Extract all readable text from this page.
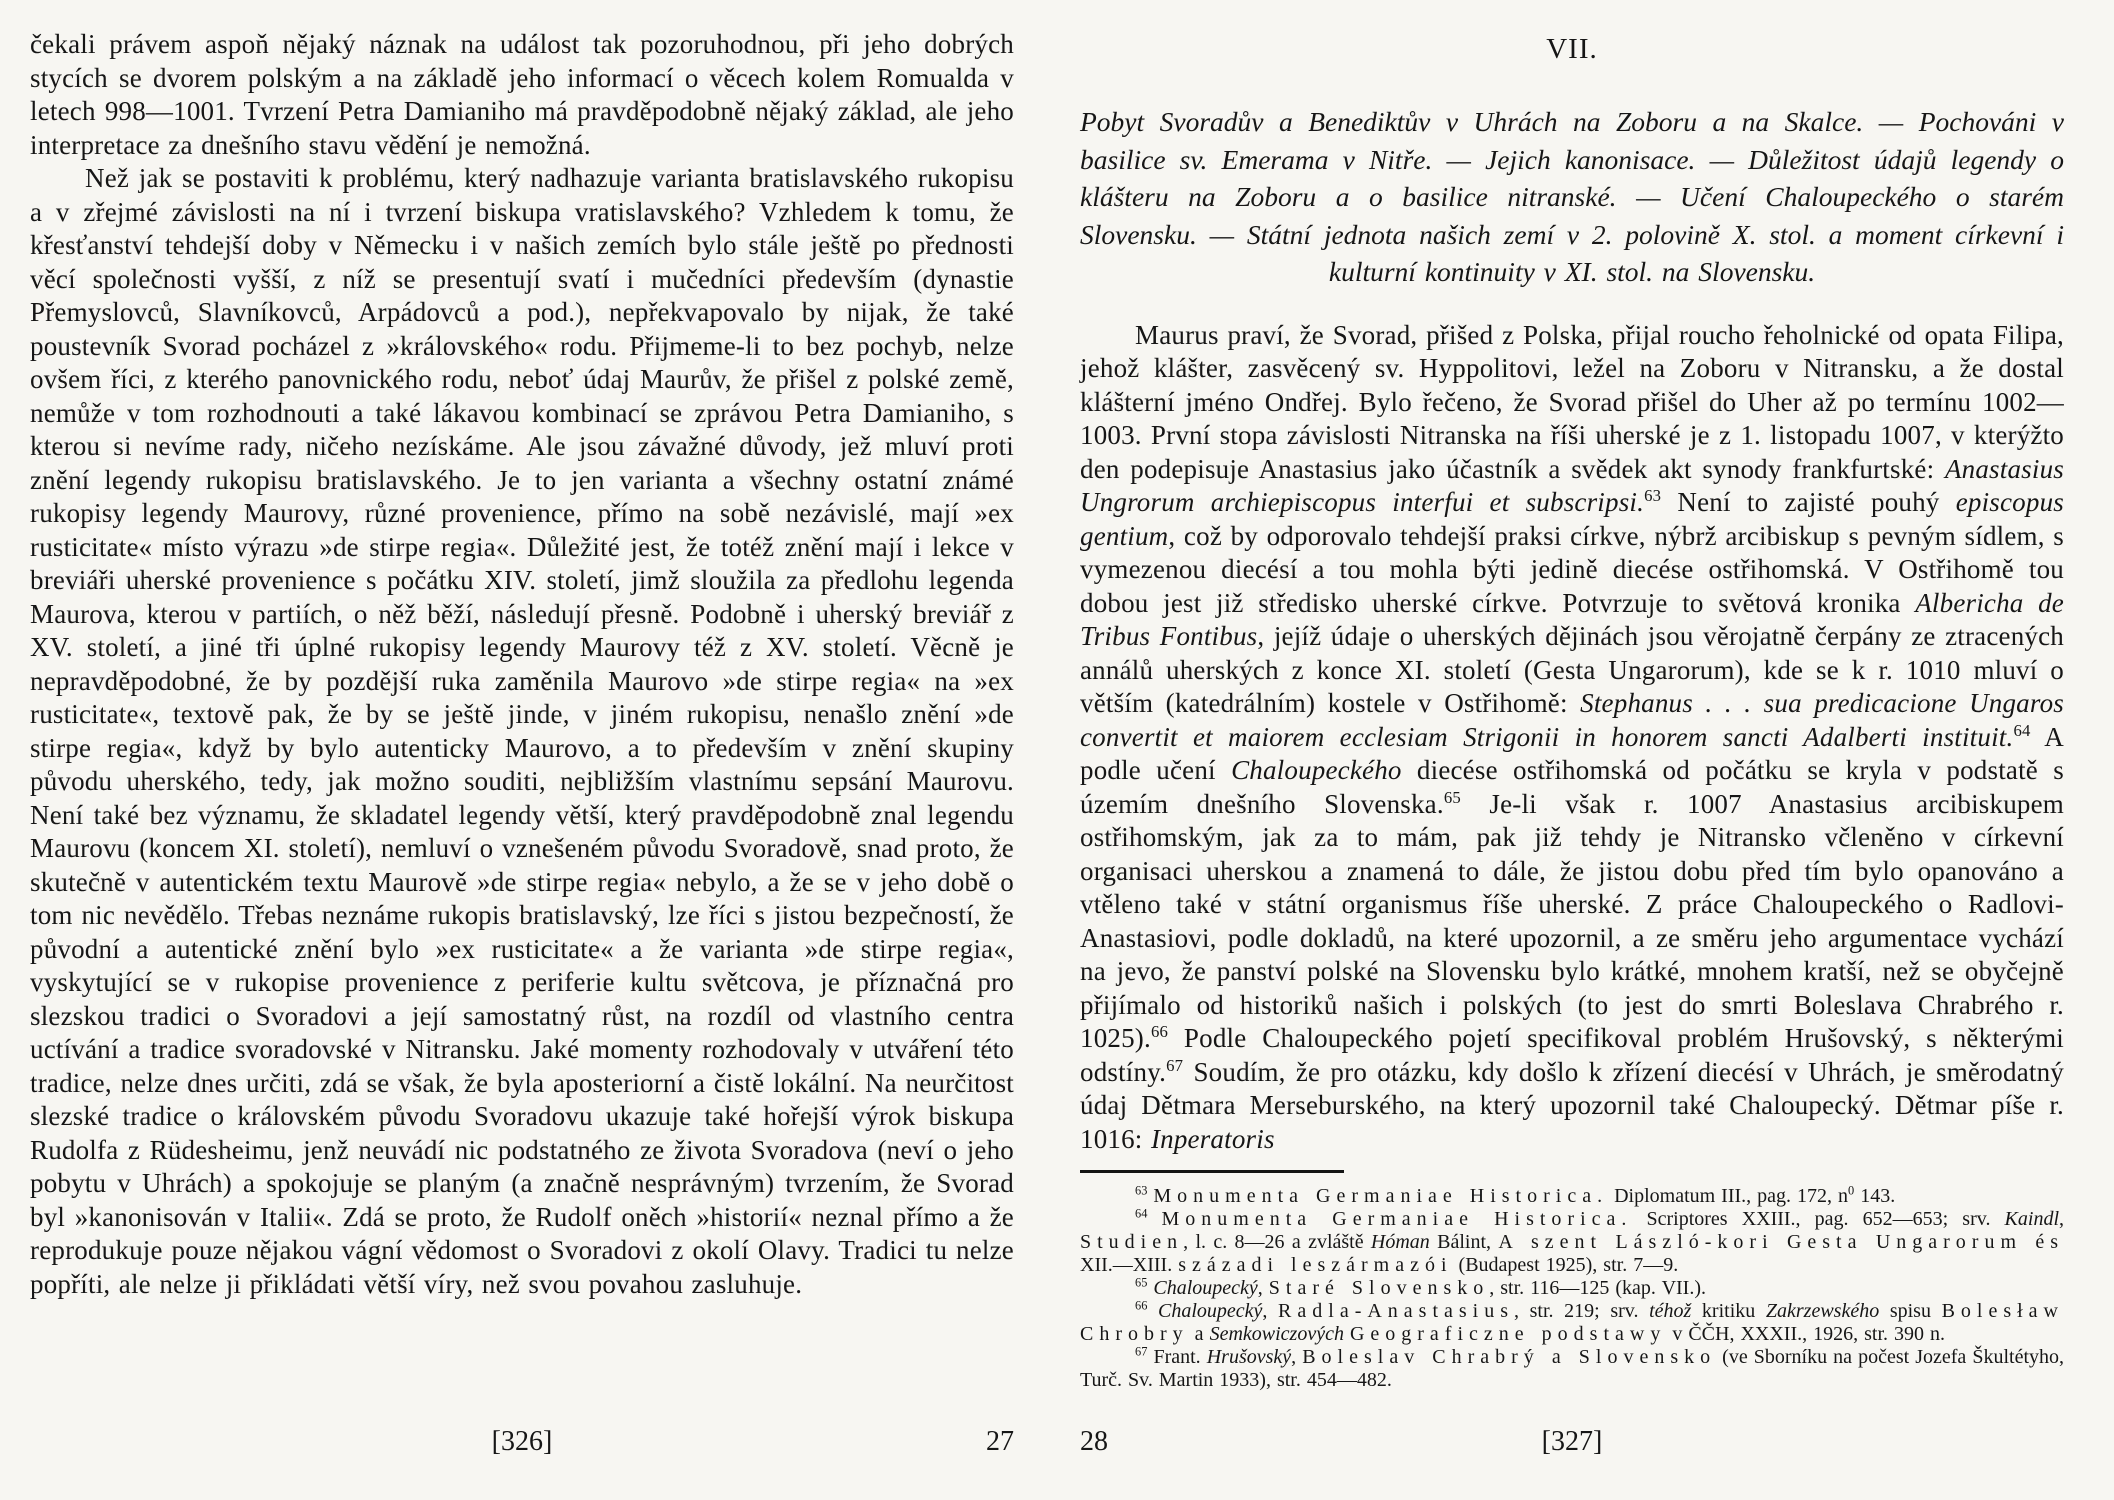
čekali právem aspoň nějaký náznak na událost tak pozoruhodnou, při jeho dobrých stycích se dvorem polským a na základě jeho informací o věcech kolem Romualda v letech 998—1001. Tvrzení Petra Damianiho má pravděpodobně nějaký základ, ale jeho interpretace za dnešního stavu vědění je nemožná.

Než jak se postaviti k problému, který nadhazuje varianta bratislavského rukopisu a v zřejmé závislosti na ní i tvrzení biskupa vratislavského? Vzhledem k tomu, že křesťanství tehdejší doby v Německu i v našich zemích bylo stále ještě po přednosti věcí společnosti vyšší, z níž se presentují svatí i mučedníci především (dynastie Přemyslovců, Slavníkovců, Arpádovců a pod.), nepřekvapovalo by nijak, že také poustevník Svorad pocházel z »královského« rodu. Přijmeme-li to bez pochyb, nelze ovšem říci, z kterého panovnického rodu, neboť údaj Maurův, že přišel z polské země, nemůže v tom rozhodnouti a také lákavou kombinací se zprávou Petra Damianiho, s kterou si nevíme rady, ničeho nezískáme. Ale jsou závažné důvody, jež mluví proti znění legendy rukopisu bratislavského. Je to jen varianta a všechny ostatní známé rukopisy legendy Maurovy, různé provenience, přímo na sobě nezávislé, mají »ex rusticitate« místo výrazu »de stirpe regia«. Důležité jest, že totéž znění mají i lekce v breviáři uherské provenience s počátku XIV. století, jimž sloužila za předlohu legenda Maurova, kterou v partiích, o něž běží, následují přesně. Podobně i uherský breviář z XV. století, a jiné tři úplné rukopisy legendy Maurovy též z XV. století. Věcně je nepravděpodobné, že by pozdější ruka zaměnila Maurovo »de stirpe regia« na »ex rusticitate«, textově pak, že by se ještě jinde, v jiném rukopisu, nenašlo znění »de stirpe regia«, když by bylo autenticky Maurovo, a to především v znění skupiny původu uherského, tedy, jak možno souditi, nejbližším vlastnímu sepsání Maurovu. Není také bez významu, že skladatel legendy větší, který pravděpodobně znal legendu Maurovu (koncem XI. století), nemluví o vznešeném původu Svoradově, snad proto, že skutečně v autentickém textu Maurově »de stirpe regia« nebylo, a že se v jeho době o tom nic nevědělo. Třebas neznáme rukopis bratislavský, lze říci s jistou bezpečností, že původní a autentické znění bylo »ex rusticitate« a že varianta »de stirpe regia«, vyskytující se v rukopise provenience z periferie kultu světcova, je příznačná pro slezskou tradici o Svoradovi a její samostatný růst, na rozdíl od vlastního centra uctívání a tradice svoradovské v Nitransku. Jaké momenty rozhodovaly v utváření této tradice, nelze dnes určiti, zdá se však, že byla aposteriorní a čistě lokální. Na neurčitost slezské tradice o královském původu Svoradovu ukazuje také hořejší výrok biskupa Rudolfa z Rüdesheimu, jenž neuvádí nic podstatného ze života Svoradova (neví o jeho pobytu v Uhrách) a spokojuje se planým (a značně nesprávným) tvrzením, že Svorad byl »kanonisován v Italii«. Zdá se proto, že Rudolf oněch »historií« neznal přímo a že reprodukuje pouze nějakou vágní vědomost o Svoradovi z okolí Olavy. Tradici tu nelze popříti, ale nelze ji přikládati větší víry, než svou povahou zasluhuje.

[326]	27
VII.

Pobyt Svoradův a Benediktův v Uhrách na Zoboru a na Skalce. — Pochováni v basilice sv. Emerama v Nitře. — Jejich kanonisace. — Důležitost údajů legendy o klášteru na Zoboru a o basilice nitranské. — Učení Chaloupeckého o starém Slovensku. — Státní jednota našich zemí v 2. polovině X. stol. a moment církevní i kulturní kontinuity v XI. stol. na Slovensku.

Maurus praví, že Svorad, přišed z Polska, přijal roucho řeholnické od opata Filipa, jehož klášter, zasvěcený sv. Hyppolitovi, ležel na Zoboru v Nitransku, a že dostal klášterní jméno Ondřej. Bylo řečeno, že Svorad přišel do Uher až po termínu 1002—1003. První stopa závislosti Nitranska na říši uherské je z 1. listopadu 1007, v kterýžto den podepisuje Anastasius jako účastník a svědek akt synody frankfurtské: Anastasius Ungrorum archiepiscopus interfui et subscripsi.$^{63}$ Není to zajisté pouhý episcopus gentium, což by odporovalo tehdejší praksi církve, nýbrž arcibiskup s pevným sídlem, s vymezenou diecésí a tou mohla býti jedině diecése ostřihomská. V Ostřihomě tou dobou jest již středisko uherské církve. Potvrzuje to světová kronika Albericha de Tribus Fontibus, jejíž údaje o uherských dějinách jsou věrojatně čerpány ze ztracených annálů uherských z konce XI. století (Gesta Ungarorum), kde se k r. 1010 mluví o větším (katedrálním) kostele v Ostřihomě: Stephanus . . . sua predicacione Ungaros convertit et maiorem ecclesiam Strigonii in honorem sancti Adalberti instituit.$^{64}$ A podle učení Chaloupeckého diecése ostřihomská od počátku se kryla v podstatě s územím dnešního Slovenska.$^{65}$ Je-li však r. 1007 Anastasius arcibiskupem ostřihomským, jak za to mám, pak již tehdy je Nitransko včleněno v církevní organisaci uherskou a znamená to dále, že jistou dobu před tím bylo opanováno a vtěleno také v státní organismus říše uherské. Z práce Chaloupeckého o Radlovi-Anastasiovi, podle dokladů, na které upozornil, a ze směru jeho argumentace vychází na jevo, že panství polské na Slovensku bylo krátké, mnohem kratší, než se obyčejně přijímalo od historiků našich i polských (to jest do smrti Boleslava Chrabrého r. 1025).$^{66}$ Podle Chaloupeckého pojetí specifikoval problém Hrušovský, s některými odstíny.$^{67}$ Soudím, že pro otázku, kdy došlo k zřízení diecésí v Uhrách, je směrodatný údaj Dětmara Merseburského, na který upozornil také Chaloupecký. Dětmar píše r. 1016: Inperatoris

$^{63}$ Monumenta Germaniae Historica. Diplomatum III., pag. 172, $n^0$ 143.

$^{64}$ Monumenta Germaniae Historica. Scriptores XXIII., pag. 652—653; srv. Kaindl, Studien, l. c. 8—26 a zvláště Hóman Bálint, A szent László-kori Gesta Ungarorum és XII.—XIII. századi leszármazói (Budapest 1925), str. 7—9.

$^{65}$ Chaloupecký, Staré Slovensko, str. 116—125 (kap. VII.).

$^{66}$ Chaloupecký, Radla-Anastasius, str. 219; srv. téhož kritiku Zakrzewského spisu Bolesław Chrobry a Semkowiczových Geograficzne podstawy v ČČH, XXXII., 1926, str. 390 n.

$^{67}$ Frant. Hrušovský, Boleslav Chrabrý a Slovensko (ve Sborníku na počest Jozefa Škultétyho, Turč. Sv. Martin 1933), str. 454—482.

28	[327]
